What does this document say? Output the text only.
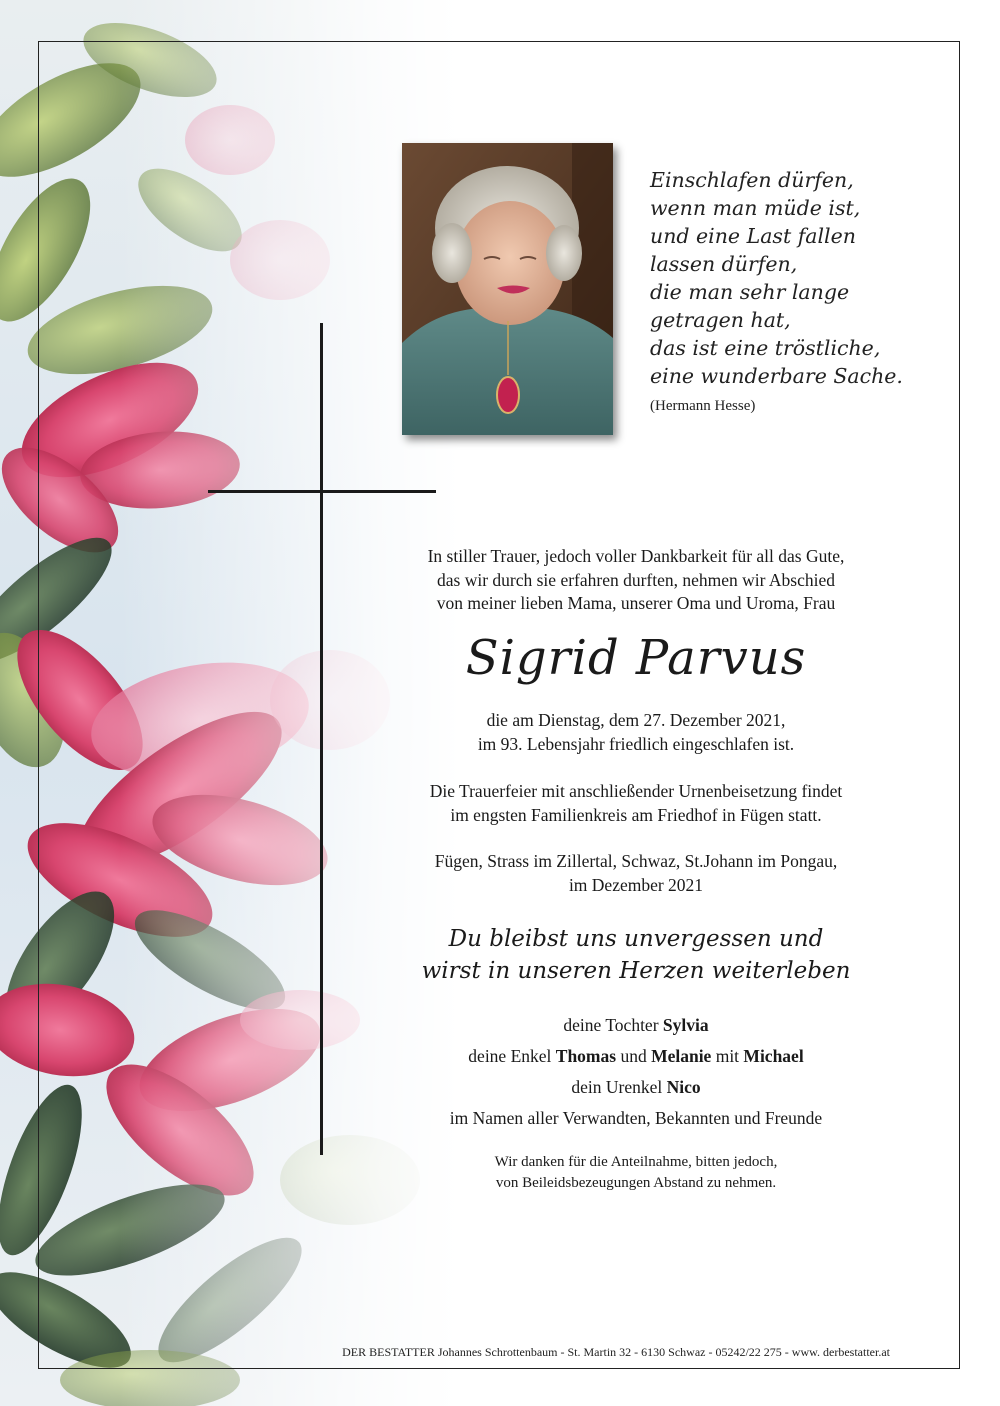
Einschlafen dürfen,
wenn man müde ist,
und eine Last fallen
lassen dürfen,
die man sehr lange
getragen hat,
das ist eine tröstliche,
eine wunderbare Sache.
(Hermann Hesse)
In stiller Trauer, jedoch voller Dankbarkeit für all das Gute,
das wir durch sie erfahren durften, nehmen wir Abschied
von meiner lieben Mama, unserer Oma und Uroma, Frau
Sigrid Parvus
die am Dienstag, dem 27. Dezember 2021,
im 93. Lebensjahr friedlich eingeschlafen ist.
Die Trauerfeier mit anschließender Urnenbeisetzung findet
im engsten Familienkreis am Friedhof in Fügen statt.
Fügen, Strass im Zillertal, Schwaz, St.Johann im Pongau,
im Dezember 2021
Du bleibst uns unvergessen und
wirst in unseren Herzen weiterleben
deine Tochter Sylvia
deine Enkel Thomas und Melanie mit Michael
dein Urenkel Nico
im Namen aller Verwandten, Bekannten und Freunde
Wir danken für die Anteilnahme, bitten jedoch,
von Beileidsbezeugungen Abstand zu nehmen.
DER BESTATTER Johannes Schrottenbaum - St. Martin 32 - 6130 Schwaz - 05242/22 275 - www. derbestatter.at
